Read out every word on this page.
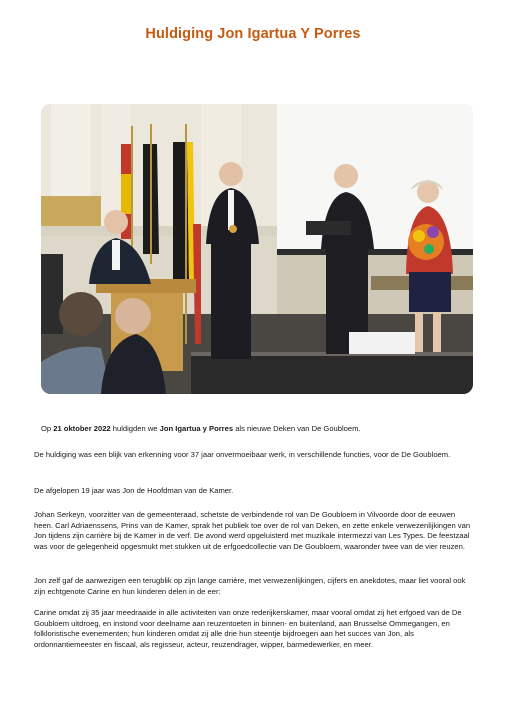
Huldiging Jon Igartua Y Porres
Op 21 oktober 2022 huldigden we Jon Igartua y Porres als nieuwe Deken van De Goubloem.
De huldiging was een blijk van erkenning voor 37 jaar onvermoeibaar werk, in verschillende functies, voor de De Goubloem.
De afgelopen 19 jaar was Jon de Hoofdman van de Kamer.
Johan Serkeyn, voorzitter van de gemeenteraad, schetste de verbindende rol van De Goubloem in Vilvoorde door de eeuwen heen. Carl Adriaenssens, Prins van de Kamer, sprak het publiek toe over de rol van Deken, en zette enkele verwezenlijkingen van Jon tijdens zijn carrière bij de Kamer in de verf. De avond werd opgeluisterd met muzikale intermezzi van Les Types. De feestzaal was voor de gelegenheid opgesmukt met stukken uit de erfgoedcollectie van De Goubloem, waaronder twee van de vier reuzen.
Jon zelf gaf de aanwezigen een terugblik op zijn lange carrière, met verwezenlijkingen, cijfers en anekdotes, maar liet vooral ook zijn echtgenote Carine en hun kinderen delen in de eer:
Carine omdat zij 35 jaar meedraaide in alle activiteiten van onze rederijkerskamer, maar vooral omdat zij het erfgoed van de De Goubloem uitdroeg, en instond voor deelname aan reuzentoeten in binnen- en buitenland, aan Brusselse Ommegangen, en folkloristische evenementen; hun kinderen omdat zij alle drie hun steentje bijdroegen aan het succes van Jon, als ordonnantiemeester en fiscaal, als regisseur, acteur, reuzendrager, wipper, barmedewerker, en meer.
